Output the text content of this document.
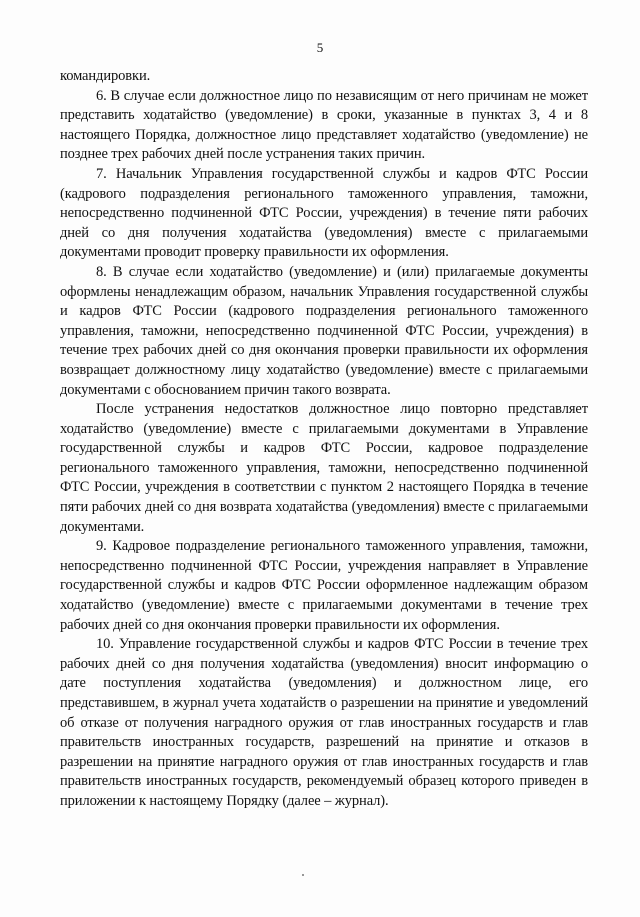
5

командировки.

6. В случае если должностное лицо по независящим от него причинам не может представить ходатайство (уведомление) в сроки, указанные в пунктах 3, 4 и 8 настоящего Порядка, должностное лицо представляет ходатайство (уведомление) не позднее трех рабочих дней после устранения таких причин.

7. Начальник Управления государственной службы и кадров ФТС России (кадрового подразделения регионального таможенного управления, таможни, непосредственно подчиненной ФТС России, учреждения) в течение пяти рабочих дней со дня получения ходатайства (уведомления) вместе с прилагаемыми документами проводит проверку правильности их оформления.

8. В случае если ходатайство (уведомление) и (или) прилагаемые документы оформлены ненадлежащим образом, начальник Управления государственной службы и кадров ФТС России (кадрового подразделения регионального таможенного управления, таможни, непосредственно подчиненной ФТС России, учреждения) в течение трех рабочих дней со дня окончания проверки правильности их оформления возвращает должностному лицу ходатайство (уведомление) вместе с прилагаемыми документами с обоснованием причин такого возврата.

После устранения недостатков должностное лицо повторно представляет ходатайство (уведомление) вместе с прилагаемыми документами в Управление государственной службы и кадров ФТС России, кадровое подразделение регионального таможенного управления, таможни, непосредственно подчиненной ФТС России, учреждения в соответствии с пунктом 2 настоящего Порядка в течение пяти рабочих дней со дня возврата ходатайства (уведомления) вместе с прилагаемыми документами.

9. Кадровое подразделение регионального таможенного управления, таможни, непосредственно подчиненной ФТС России, учреждения направляет в Управление государственной службы и кадров ФТС России оформленное надлежащим образом ходатайство (уведомление) вместе с прилагаемыми документами в течение трех рабочих дней со дня окончания проверки правильности их оформления.

10. Управление государственной службы и кадров ФТС России в течение трех рабочих дней со дня получения ходатайства (уведомления) вносит информацию о дате поступления ходатайства (уведомления) и должностном лице, его представившем, в журнал учета ходатайств о разрешении на принятие и уведомлений об отказе от получения наградного оружия от глав иностранных государств и глав правительств иностранных государств, разрешений на принятие и отказов в разрешении на принятие наградного оружия от глав иностранных государств и глав правительств иностранных государств, рекомендуемый образец которого приведен в приложении к настоящему Порядку (далее – журнал).
